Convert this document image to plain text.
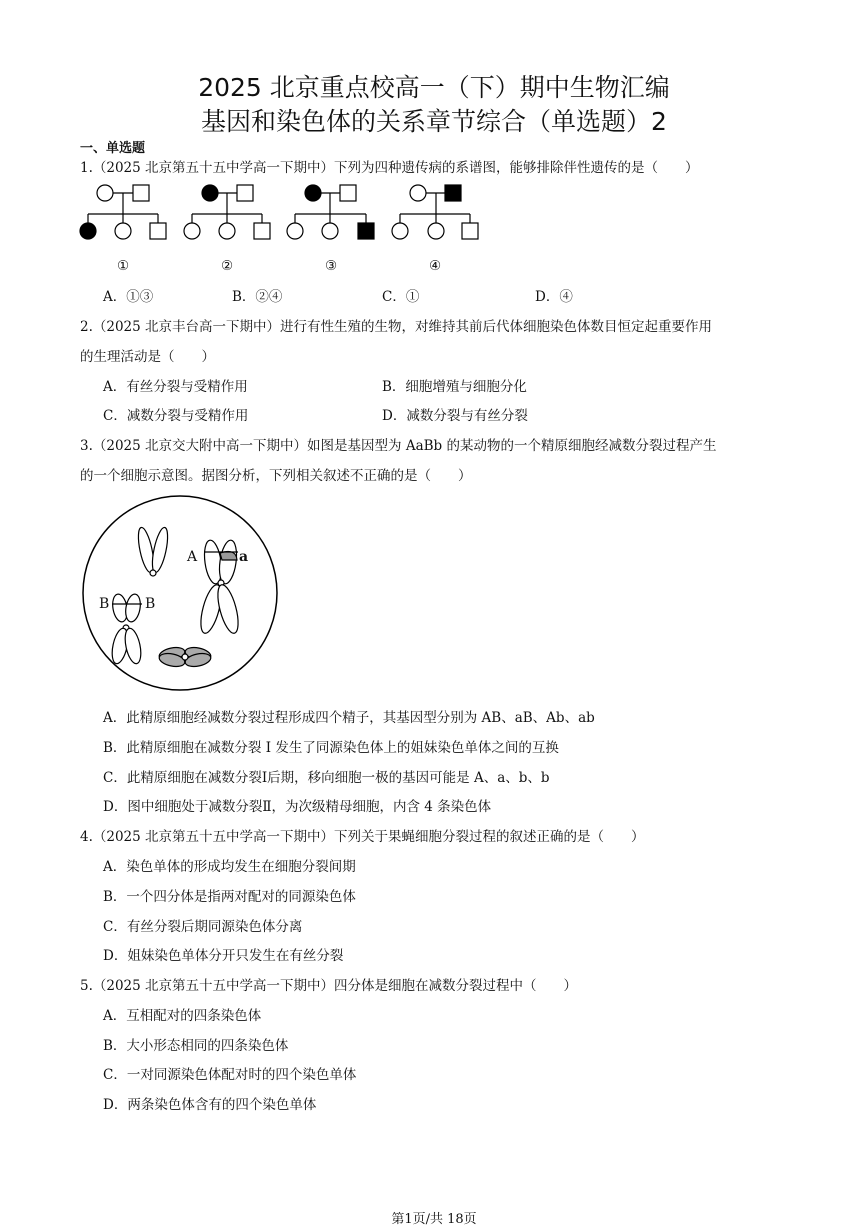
2025 北京重点校高一（下）期中生物汇编
基因和染色体的关系章节综合（单选题）2
一、单选题
1.（2025 北京第五十五中学高一下期中）下列为四种遗传病的系谱图，能够排除伴性遗传的是（　　）
①	②	③	④
A．①③	B．②④	C．①	D．④
2.（2025 北京丰台高一下期中）进行有性生殖的生物，对维持其前后代体细胞染色体数目恒定起重要作用
的生理活动是（　　）
A．有丝分裂与受精作用	B．细胞增殖与细胞分化
C．减数分裂与受精作用	D．减数分裂与有丝分裂
3.（2025 北京交大附中高一下期中）如图是基因型为 AaBb 的某动物的一个精原细胞经减数分裂过程产生
的一个细胞示意图。据图分析，下列相关叙述不正确的是（　　）
A	a
B	B
A．此精原细胞经减数分裂过程形成四个精子，其基因型分别为 AB、aB、Ab、ab
B．此精原细胞在减数分裂 I 发生了同源染色体上的姐妹染色单体之间的互换
C．此精原细胞在减数分裂Ⅰ后期，移向细胞一极的基因可能是 A、a、b、b
D．图中细胞处于减数分裂Ⅱ，为次级精母细胞，内含 4 条染色体
4.（2025 北京第五十五中学高一下期中）下列关于果蝇细胞分裂过程的叙述正确的是（　　）
A．染色单体的形成均发生在细胞分裂间期
B．一个四分体是指两对配对的同源染色体
C．有丝分裂后期同源染色体分离
D．姐妹染色单体分开只发生在有丝分裂
5.（2025 北京第五十五中学高一下期中）四分体是细胞在减数分裂过程中（　　）
A．互相配对的四条染色体
B．大小形态相同的四条染色体
C．一对同源染色体配对时的四个染色单体
D．两条染色体含有的四个染色单体
第1页/共 18页
